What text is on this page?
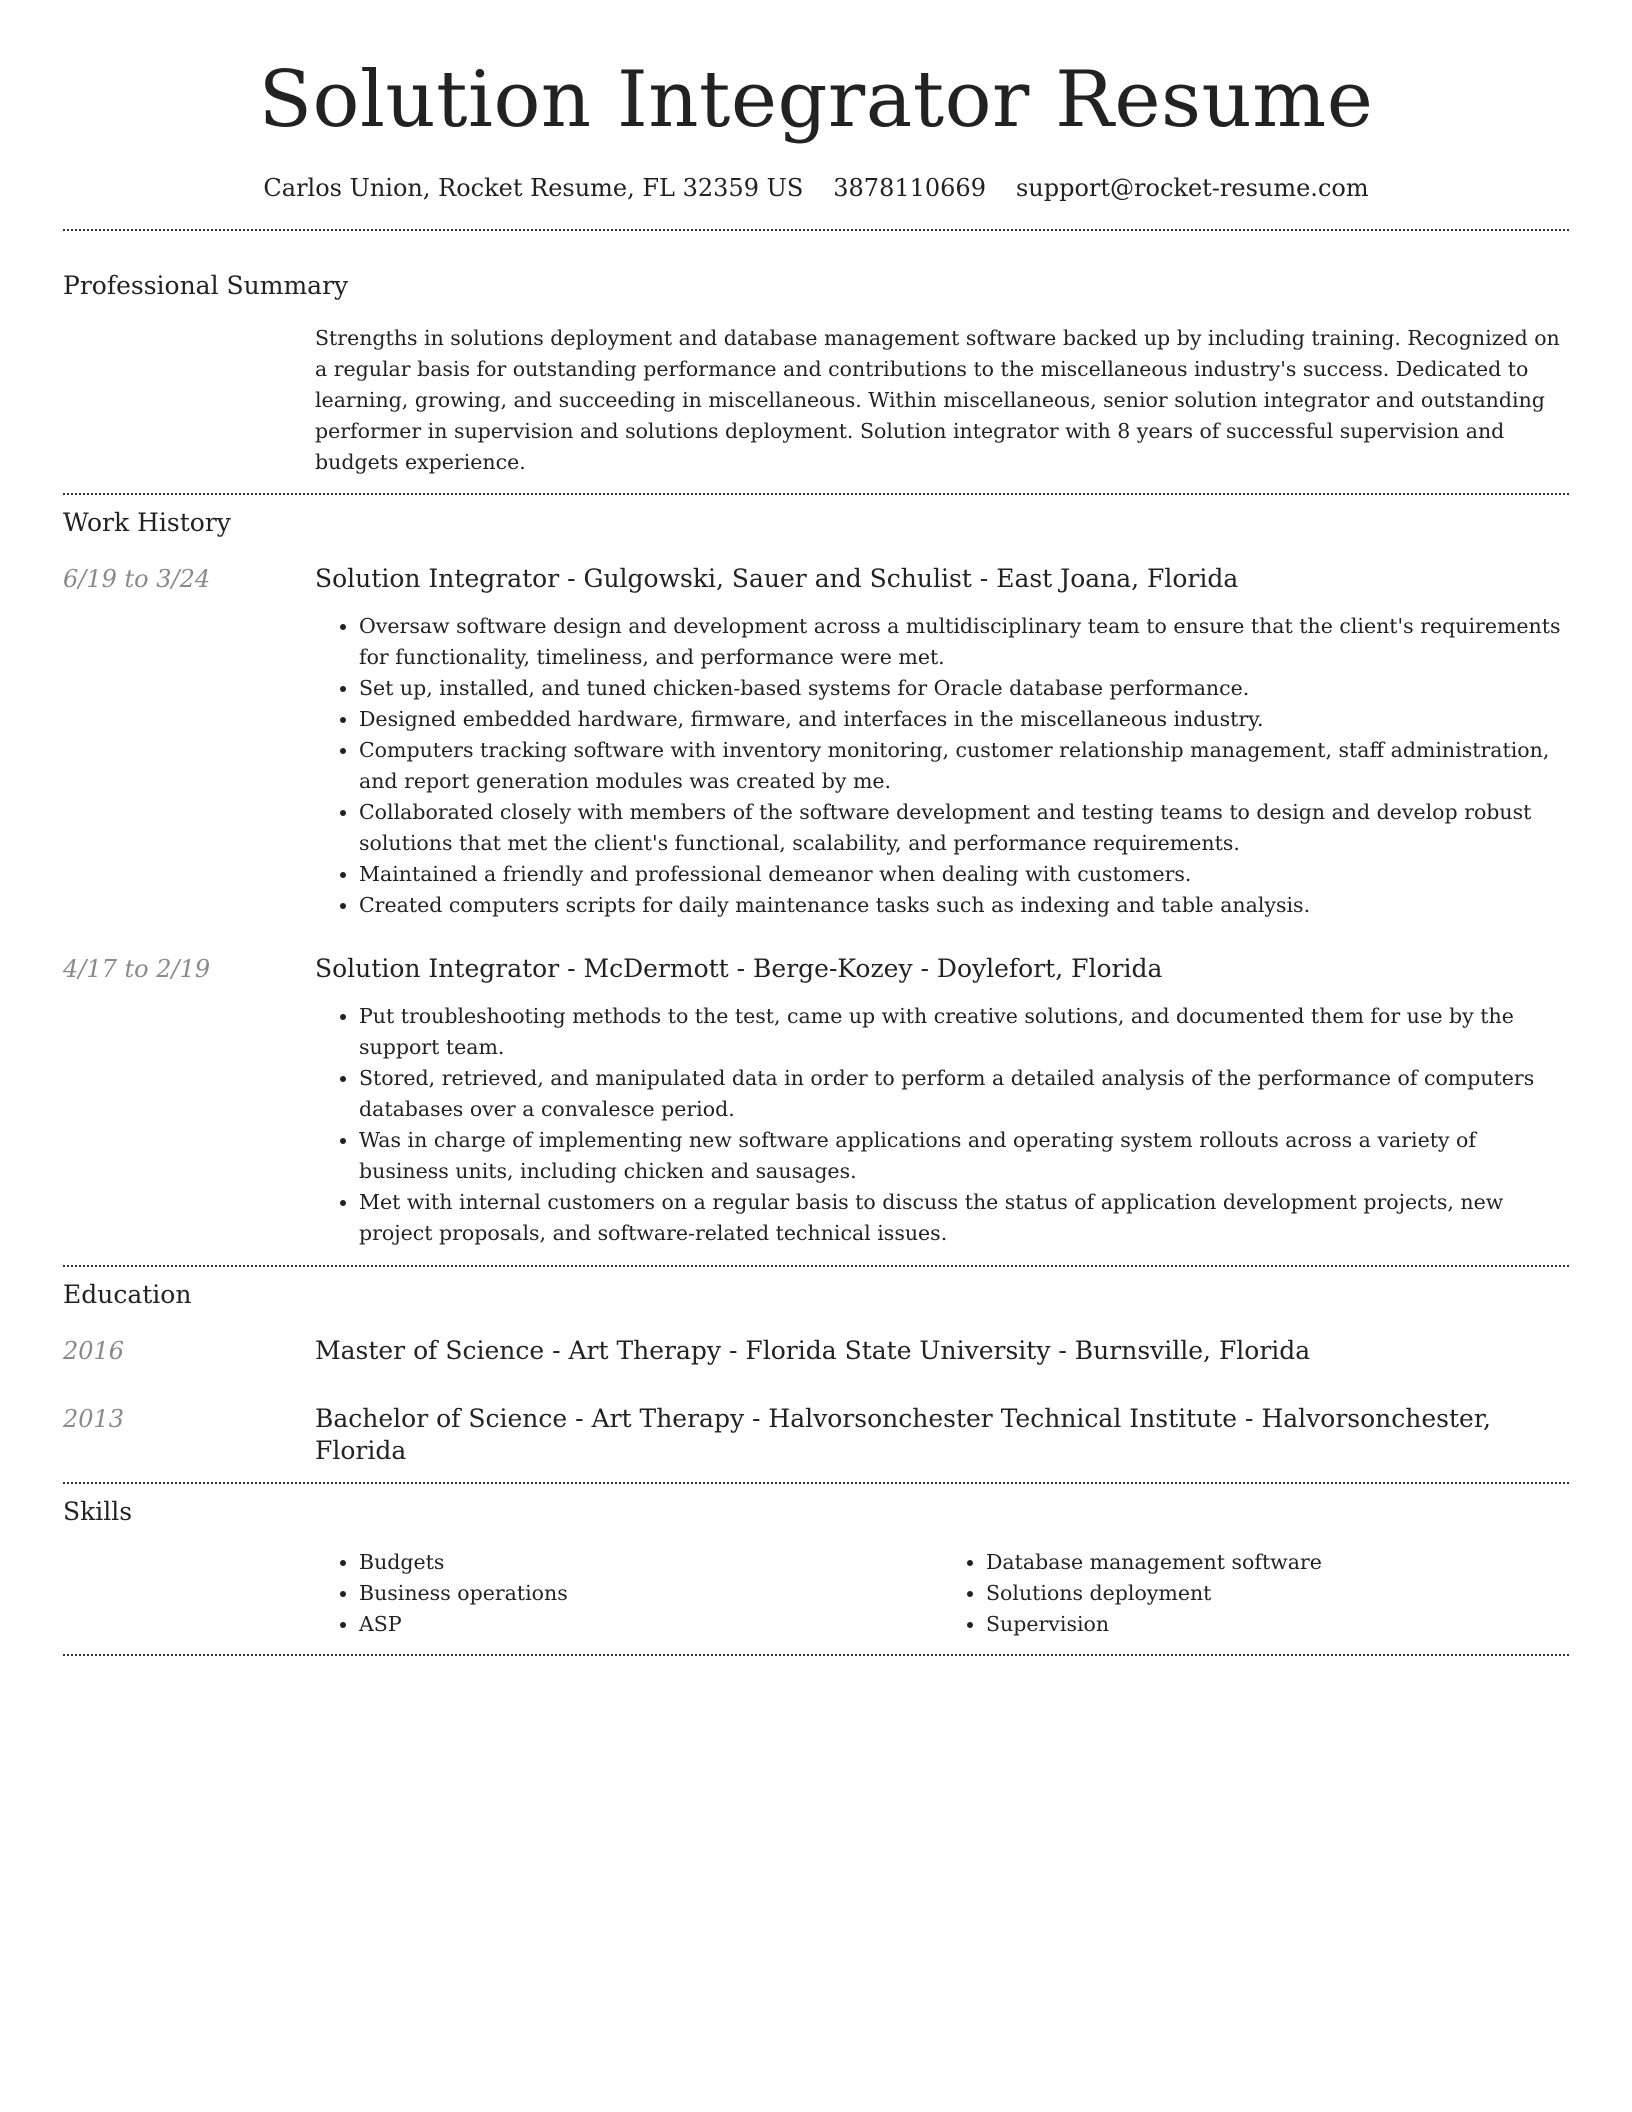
Solution Integrator Resume
Carlos Union, Rocket Resume, FL 32359 US 3878110669 support@rocket-resume.com
Professional Summary

Strengths in solutions deployment and database management software backed up by including training. Recognized on a regular basis for outstanding performance and contributions to the miscellaneous industry's success. Dedicated to learning, growing, and succeeding in miscellaneous. Within miscellaneous, senior solution integrator and outstanding performer in supervision and solutions deployment. Solution integrator with 8 years of successful supervision and budgets experience.

Work History
6/19 to 3/24	Solution Integrator - Gulgowski, Sauer and Schulist - East Joana, Florida

• Oversaw software design and development across a multidisciplinary team to ensure that the client's requirements for functionality, timeliness, and performance were met.
• Set up, installed, and tuned chicken-based systems for Oracle database performance.
• Designed embedded hardware, firmware, and interfaces in the miscellaneous industry.
• Computers tracking software with inventory monitoring, customer relationship management, staff administration, and report generation modules was created by me.
• Collaborated closely with members of the software development and testing teams to design and develop robust solutions that met the client's functional, scalability, and performance requirements.
• Maintained a friendly and professional demeanor when dealing with customers.
• Created computers scripts for daily maintenance tasks such as indexing and table analysis.
4/17 to 2/19	Solution Integrator - McDermott - Berge-Kozey - Doylefort, Florida

• Put troubleshooting methods to the test, came up with creative solutions, and documented them for use by the support team.
• Stored, retrieved, and manipulated data in order to perform a detailed analysis of the performance of computers databases over a convalesce period.
• Was in charge of implementing new software applications and operating system rollouts across a variety of business units, including chicken and sausages.
• Met with internal customers on a regular basis to discuss the status of application development projects, new project proposals, and software-related technical issues.
Education
2016	Master of Science - Art Therapy - Florida State University - Burnsville, Florida
2013	Bachelor of Science - Art Therapy - Halvorsonchester Technical Institute - Halvorsonchester, Florida
Skills
• Budgets
• Business operations
• ASP
• Database management software
• Solutions deployment
• Supervision
